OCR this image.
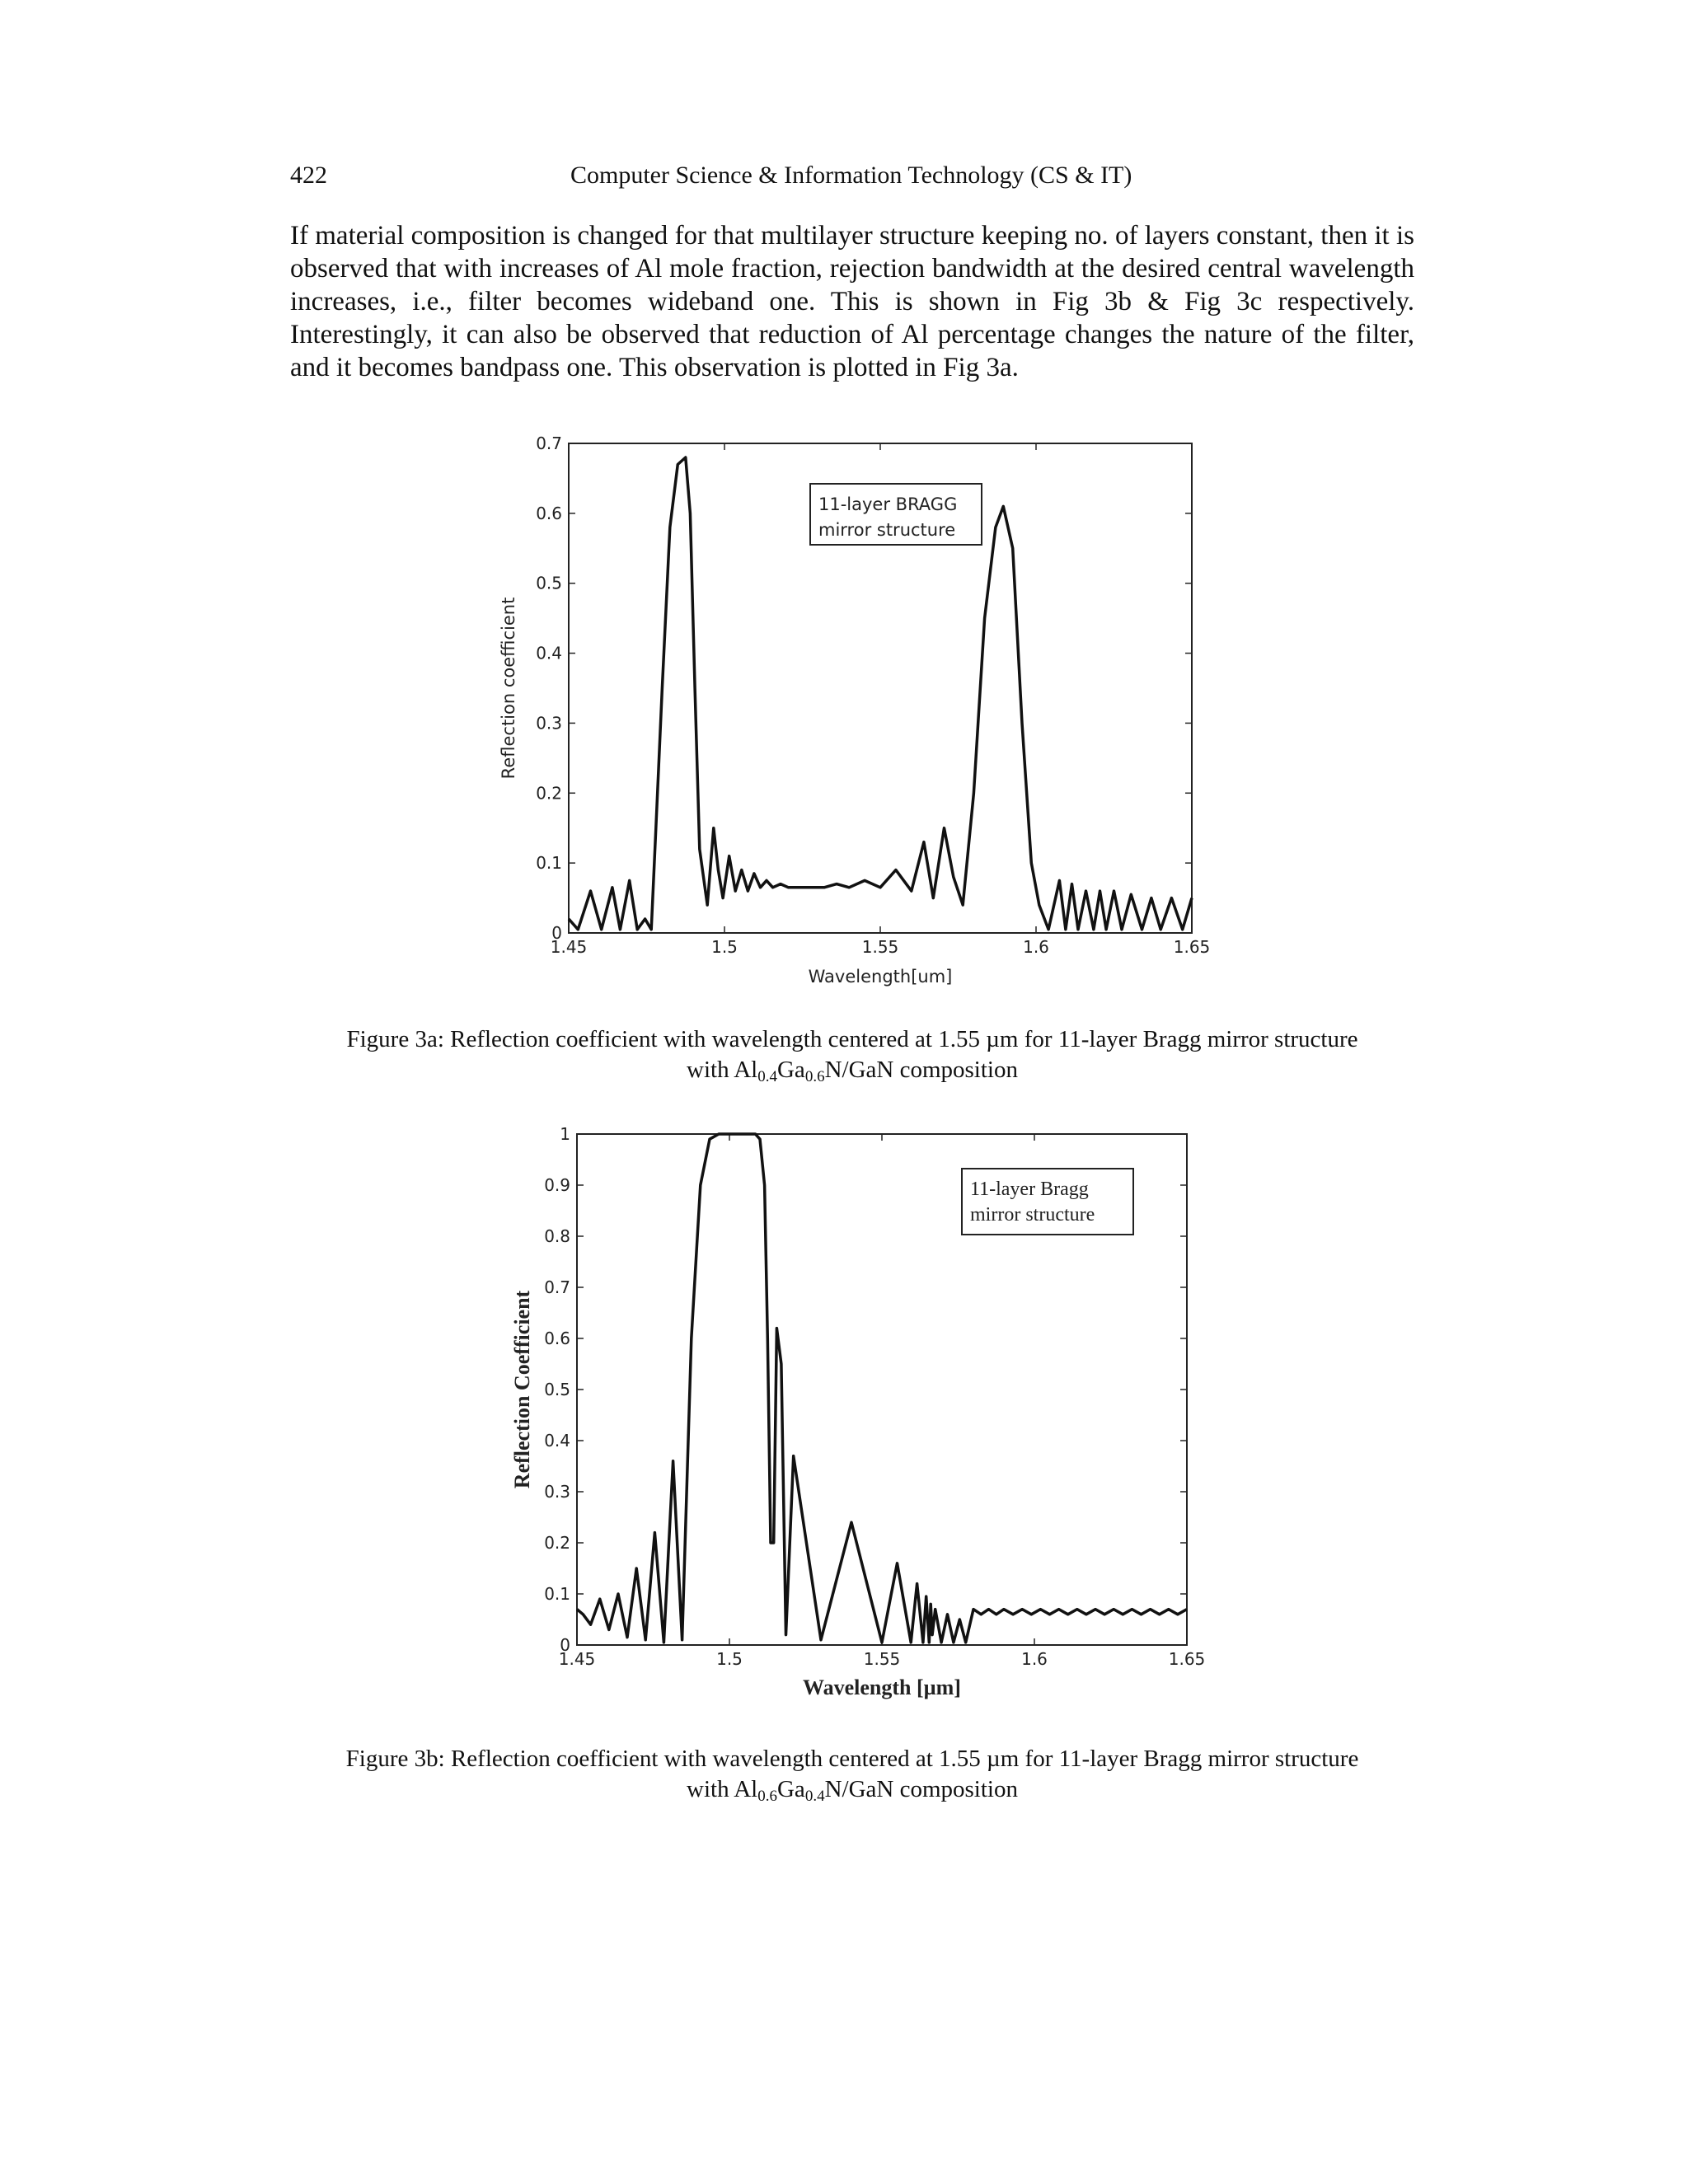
422	Computer Science & Information Technology (CS & IT)
If material composition is changed for that multilayer structure keeping no. of layers constant, then it is observed that with increases of Al mole fraction, rejection bandwidth at the desired central wavelength increases, i.e., filter becomes wideband one. This is shown in Fig 3b & Fig 3c respectively. Interestingly, it can also be observed that reduction of Al percentage changes the nature of the filter, and it becomes bandpass one. This observation is plotted in Fig 3a.
1.45	1.5	1.55	1.6	1.65
0
0.1
0.2
0.3
0.4
0.5
0.6
0.7
Wavelength[um]
Reflection coefficient
11-layer BRAGG
mirror structure
Figure 3a: Reflection coefficient with wavelength centered at 1.55 µm for 11-layer Bragg mirror structure
with $Al_{0.4}Ga_{0.6}N$/GaN composition
1.45	1.5	1.55	1.6	1.65
0
0.1
0.2
0.3
0.4
0.5
0.6
0.7
0.8
0.9
1
Wavelength [µm]
Reflection Coefficient
11-layer Bragg
mirror structure
Figure 3b: Reflection coefficient with wavelength centered at 1.55 µm for 11-layer Bragg mirror structure
with $Al_{0.6}Ga_{0.4}N$/GaN composition
